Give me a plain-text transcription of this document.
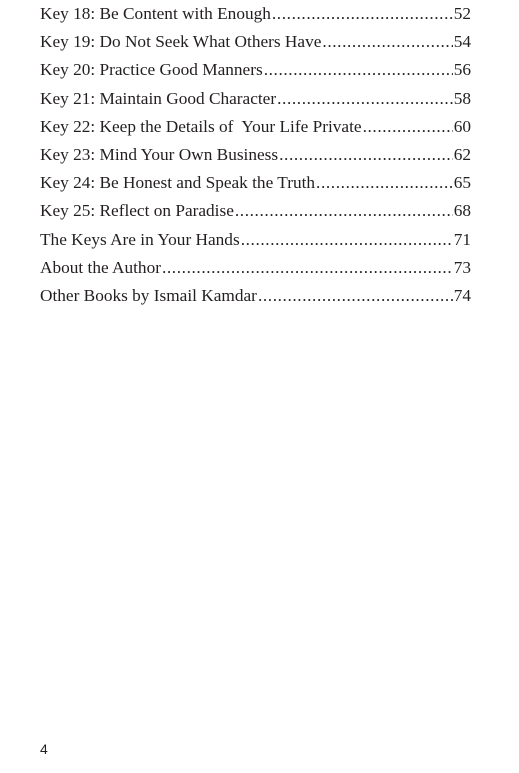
Key 18: Be Content with Enough .....	52
Key 19: Do Not Seek What Others Have .....	54
Key 20: Practice Good Manners .....	56
Key 21: Maintain Good Character .....	58
Key 22: Keep the Details of  Your Life Private .....	60
Key 23: Mind Your Own Business .....	62
Key 24: Be Honest and Speak the Truth .....	65
Key 25: Reflect on Paradise .....	68
The Keys Are in Your Hands .....	71
About the Author .....	73
Other Books by Ismail Kamdar .....	74
4
